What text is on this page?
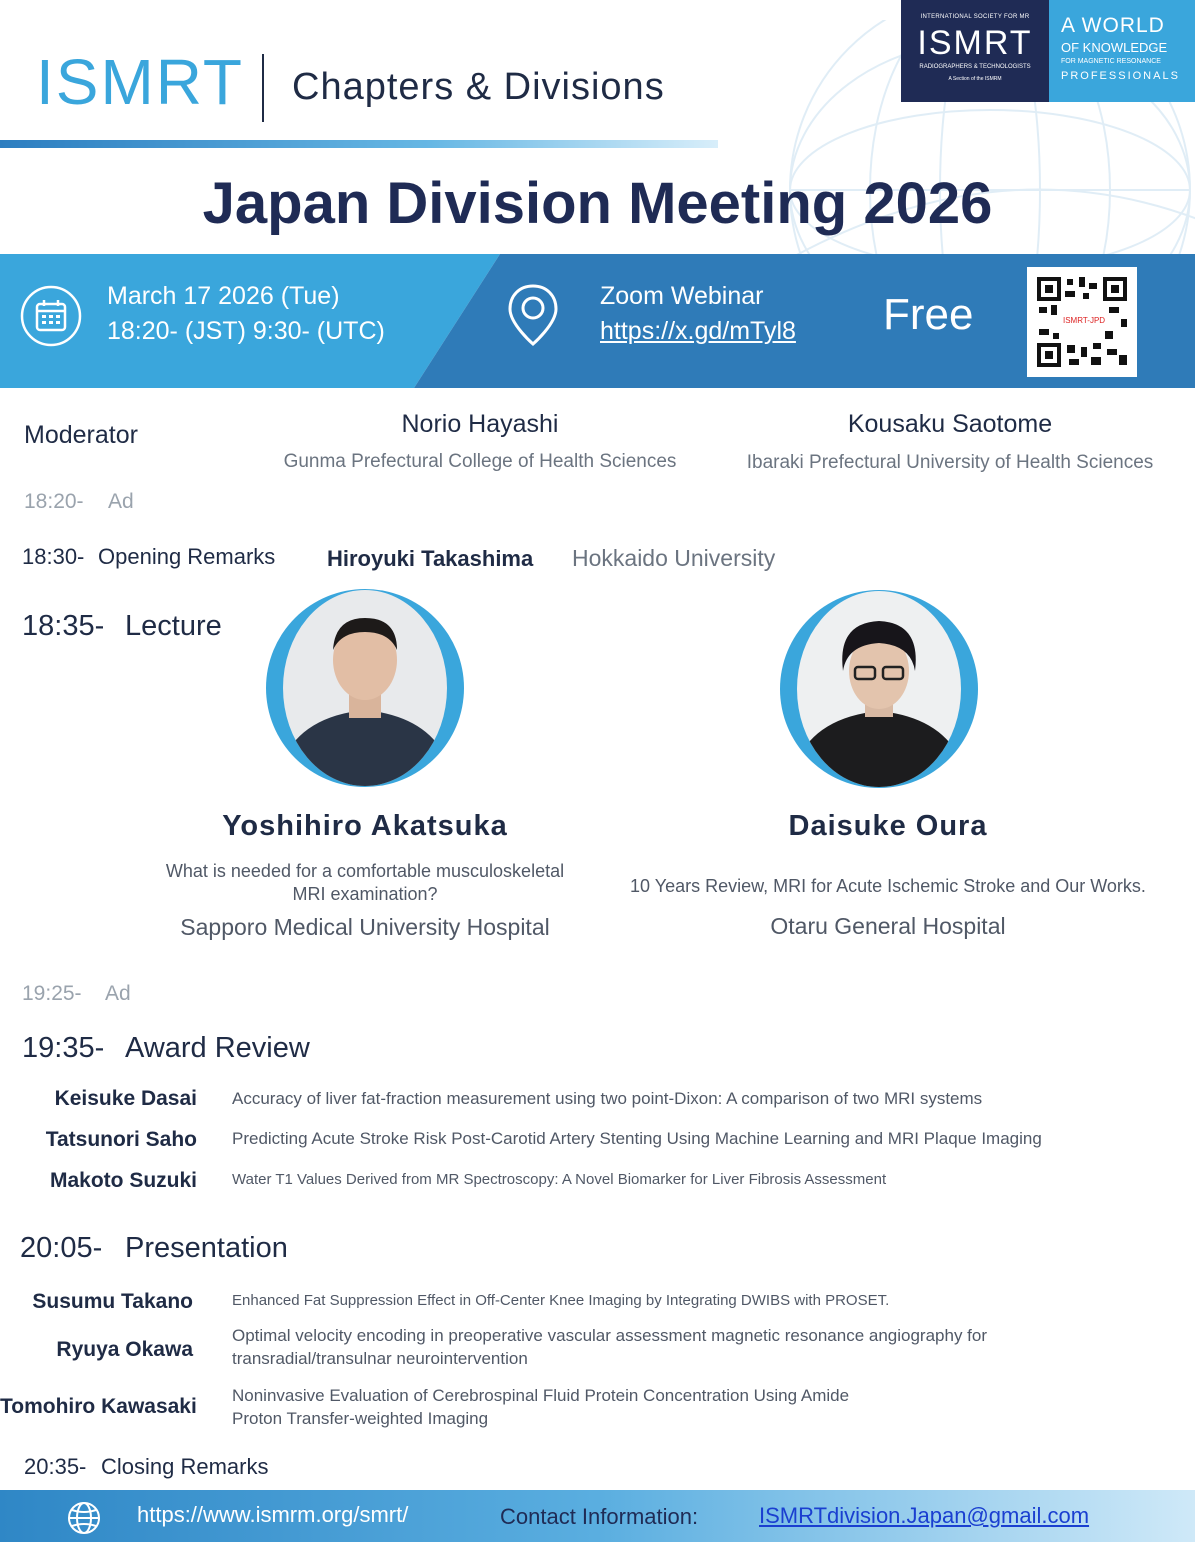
ISMRT Chapters & Divisions
INTERNATIONAL SOCIETY FOR MR
ISMRT
RADIOGRAPHERS & TECHNOLOGISTS
A Section of the ISMRM
A WORLD
OF KNOWLEDGE
FOR MAGNETIC RESONANCE
PROFESSIONALS
Japan Division Meeting 2026
March 17 2026 (Tue)
18:20- (JST) 9:30- (UTC)
Zoom Webinar
https://x.gd/mTyl8 Free	ISMRT-JPD
Moderator	Norio Hayashi
Gunma Prefectural College of Health Sciences
Kousaku Saotome
Ibaraki Prefectural University of Health Sciences
18:20- Ad
18:30- Opening Remarks Hiroyuki Takashima Hokkaido University
18:35- Lecture
Yoshihiro Akatsuka
What is needed for a comfortable musculoskeletal
MRI examination?
Sapporo Medical University Hospital
Daisuke Oura
10 Years Review, MRI for Acute Ischemic Stroke and Our Works.
Otaru General Hospital
19:25- Ad
19:35- Award Review
Keisuke Dasai Accuracy of liver fat-fraction measurement using two point-Dixon: A comparison of two MRI systems
Tatsunori Saho Predicting Acute Stroke Risk Post-Carotid Artery Stenting Using Machine Learning and MRI Plaque Imaging
Makoto Suzuki Water T1 Values Derived from MR Spectroscopy: A Novel Biomarker for Liver Fibrosis Assessment
20:05- Presentation
Susumu Takano	Enhanced Fat Suppression Effect in Off-Center Knee Imaging by Integrating DWIBS with PROSET.
Ryuya Okawa
Optimal velocity encoding in preoperative vascular assessment magnetic resonance angiography for
transradial/transulnar neurointervention
Tomohiro Kawasaki Noninvasive Evaluation of Cerebrospinal Fluid Protein Concentration Using Amide
Proton Transfer-weighted Imaging
20:35- Closing Remarks
https://www.ismrm.org/smrt/	Contact Information:	ISMRTdivision.Japan@gmail.com
